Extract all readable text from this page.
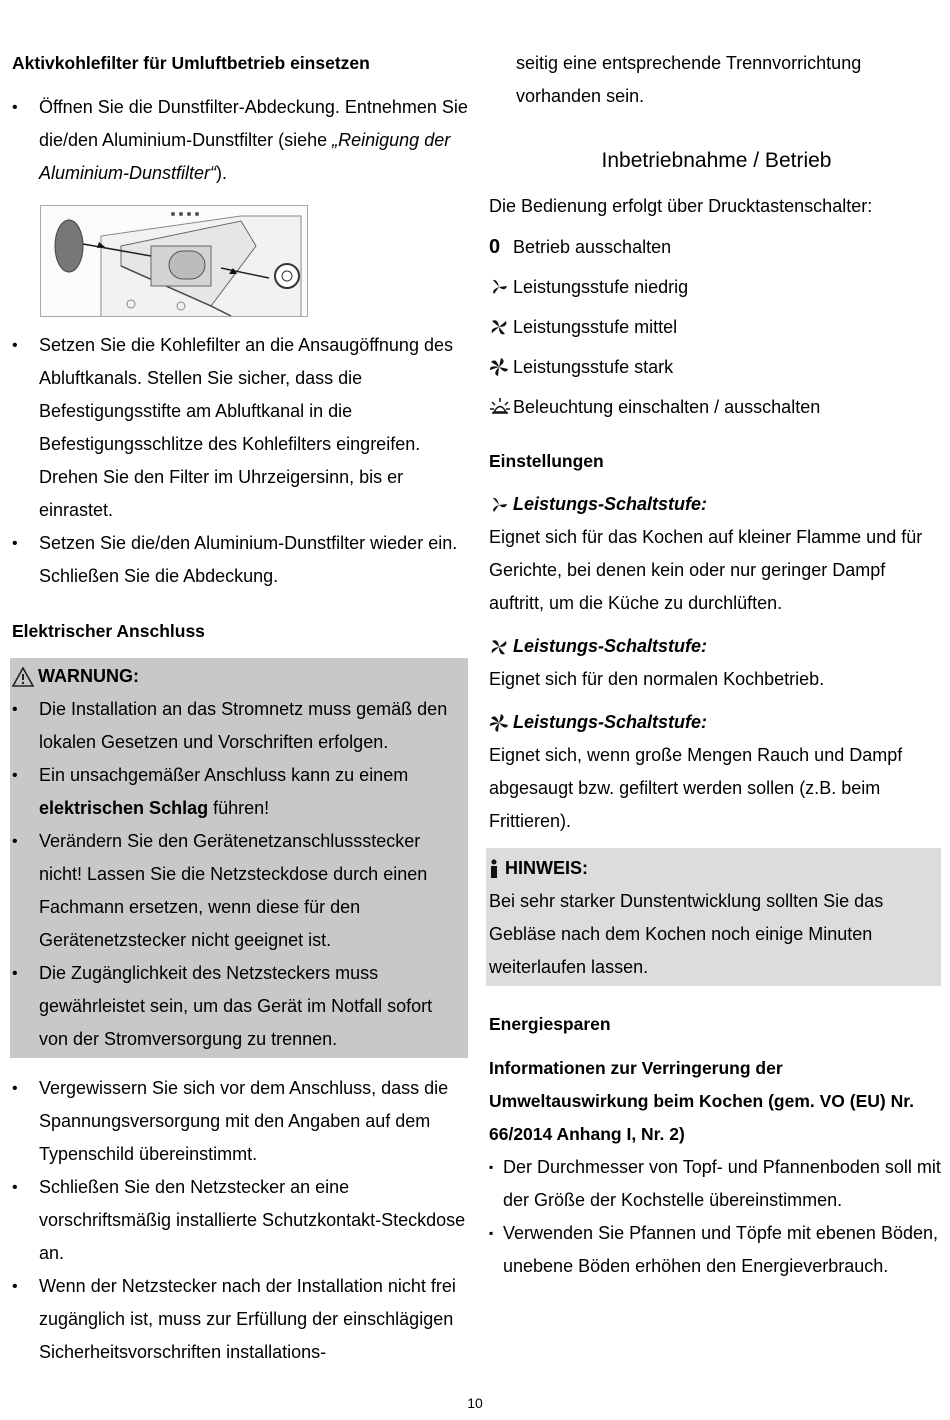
Aktivkohlefilter für Umluftbetrieb einsetzen

• Öffnen Sie die Dunstfilter-Abdeckung. Entnehmen Sie die/den Aluminium-Dunstfilter (siehe „Reinigung der Aluminium-Dunstfilter“).
• Setzen Sie die Kohlefilter an die Ansaugöffnung des Abluftkanals. Stellen Sie sicher, dass die Befestigungsstifte am Abluftkanal in die Befestigungsschlitze des Kohlefilters eingreifen. Drehen Sie den Filter im Uhrzeigersinn, bis er einrastet.
• Setzen Sie die/den Aluminium-Dunstfilter wieder ein. Schließen Sie die Abdeckung.

Elektrischer Anschluss

WARNUNG:
• Die Installation an das Stromnetz muss gemäß den lokalen Gesetzen und Vorschriften erfolgen.
• Ein unsachgemäßer Anschluss kann zu einem elektrischen Schlag führen!
• Verändern Sie den Gerätenetzanschlussstecker nicht! Lassen Sie die Netzsteckdose durch einen Fachmann ersetzen, wenn diese für den Gerätenetzstecker nicht geeignet ist.
• Die Zugänglichkeit des Netzsteckers muss gewährleistet sein, um das Gerät im Notfall sofort von der Stromversorgung zu trennen.
• Vergewissern Sie sich vor dem Anschluss, dass die Spannungsversorgung mit den Angaben auf dem Typenschild übereinstimmt.
• Schließen Sie den Netzstecker an eine vorschriftsmäßig installierte Schutzkontakt-Steckdose an.
• Wenn der Netzstecker nach der Installation nicht frei zugänglich ist, muss zur Erfüllung der einschlägigen Sicherheitsvorschriften installations-

seitig eine entsprechende Trennvorrichtung vorhanden sein.

Inbetriebnahme / Betrieb

Die Bedienung erfolgt über Drucktastenschalter:

0 Betrieb ausschalten
Leistungsstufe niedrig
Leistungsstufe mittel
Leistungsstufe stark
Beleuchtung einschalten / ausschalten

Einstellungen

Leistungs-Schaltstufe:

Eignet sich für das Kochen auf kleiner Flamme und für Gerichte, bei denen kein oder nur geringer Dampf auftritt, um die Küche zu durchlüften.

Leistungs-Schaltstufe:

Eignet sich für den normalen Kochbetrieb.

Leistungs-Schaltstufe:

Eignet sich, wenn große Mengen Rauch und Dampf abgesaugt bzw. gefiltert werden sollen (z.B. beim Frittieren).

HINWEIS:

Bei sehr starker Dunstentwicklung sollten Sie das Gebläse nach dem Kochen noch einige Minuten weiterlaufen lassen.

Energiesparen

Informationen zur Verringerung der Umweltauswirkung beim Kochen (gem. VO (EU) Nr. 66/2014 Anhang I, Nr. 2)

▪ Der Durchmesser von Topf- und Pfannenboden soll mit der Größe der Kochstelle übereinstimmen.
▪ Verwenden Sie Pfannen und Töpfe mit ebenen Böden, unebene Böden erhöhen den Energieverbrauch.
10
